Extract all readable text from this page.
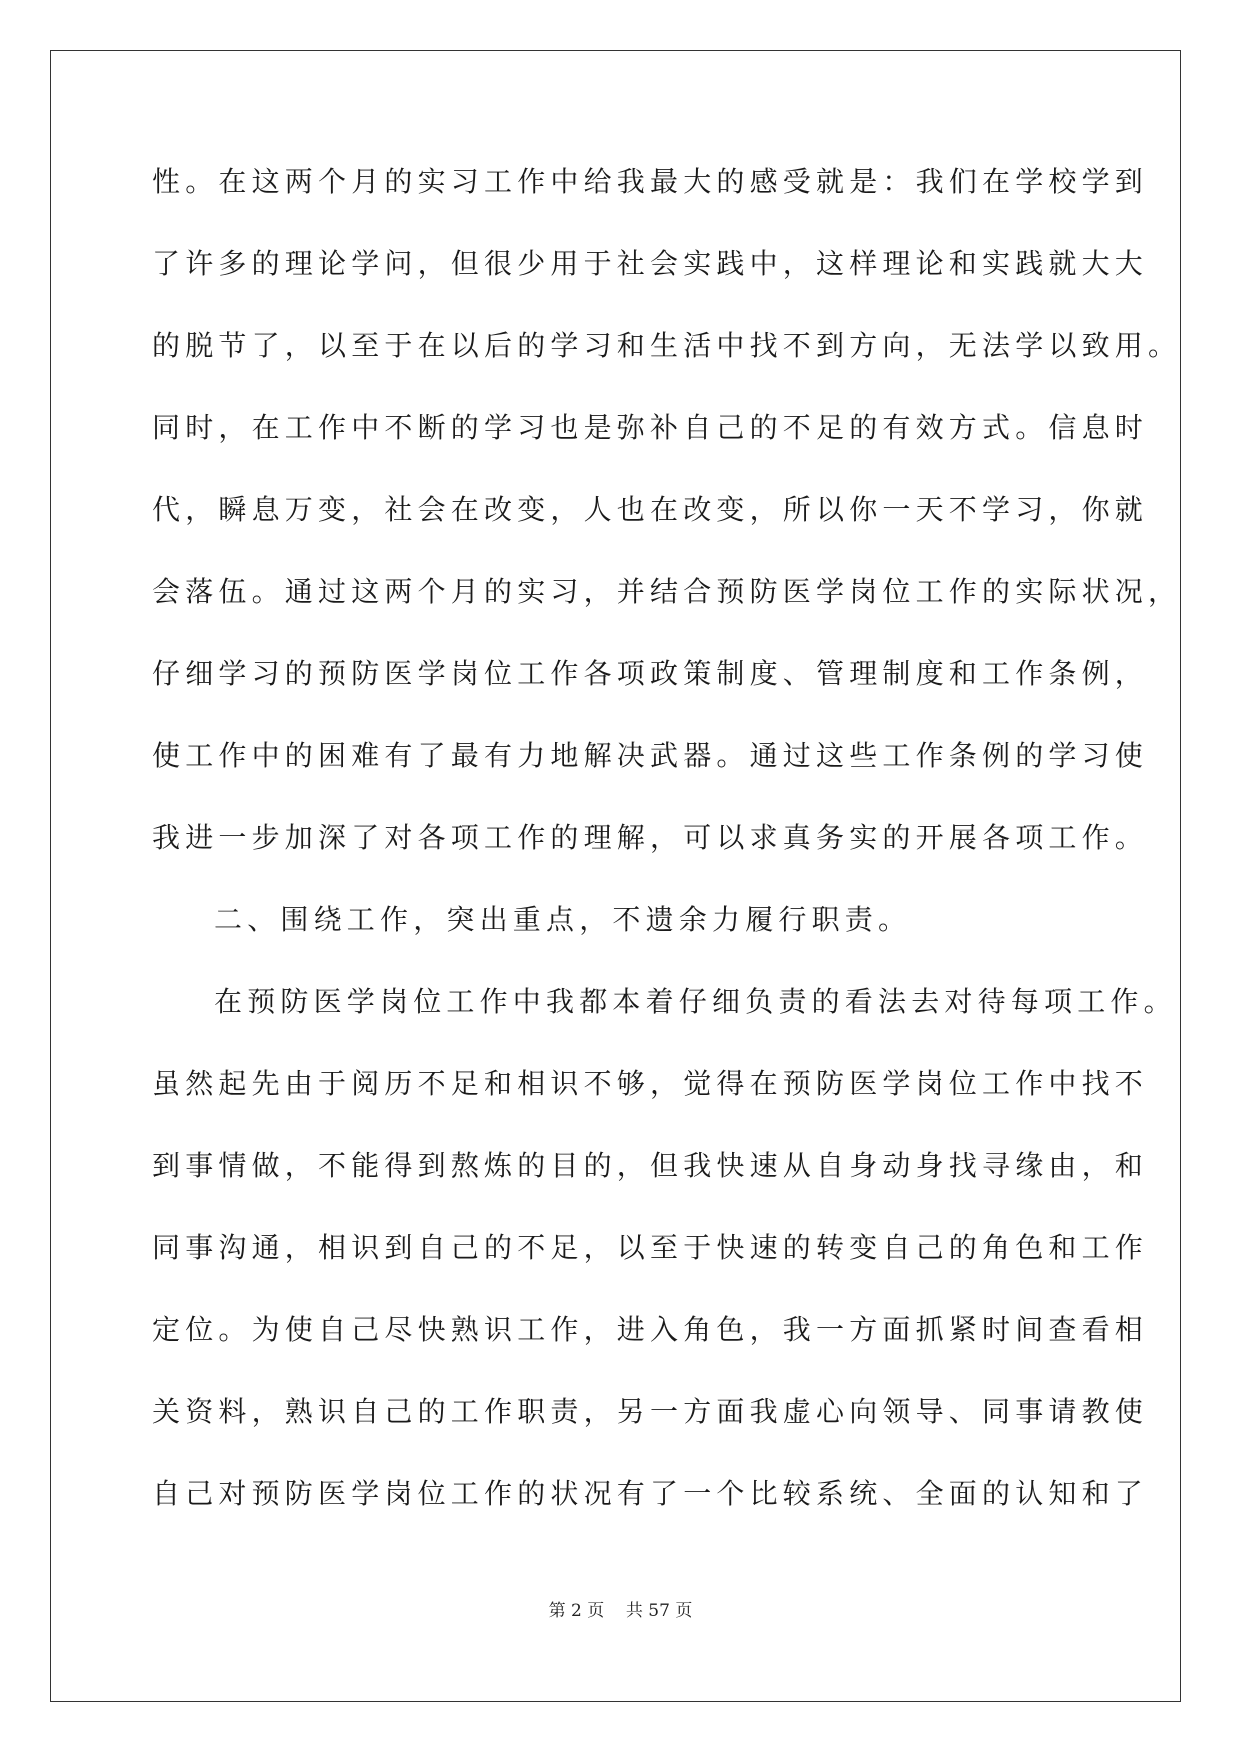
性。在这两个月的实习工作中给我最大的感受就是：我们在学校学到
了许多的理论学问，但很少用于社会实践中，这样理论和实践就大大
的脱节了，以至于在以后的学习和生活中找不到方向，无法学以致用。
同时，在工作中不断的学习也是弥补自己的不足的有效方式。信息时
代，瞬息万变，社会在改变，人也在改变，所以你一天不学习，你就
会落伍。通过这两个月的实习，并结合预防医学岗位工作的实际状况，
仔细学习的预防医学岗位工作各项政策制度、管理制度和工作条例，
使工作中的困难有了最有力地解决武器。通过这些工作条例的学习使
我进一步加深了对各项工作的理解，可以求真务实的开展各项工作。
二、围绕工作，突出重点，不遗余力履行职责。
在预防医学岗位工作中我都本着仔细负责的看法去对待每项工作。
虽然起先由于阅历不足和相识不够，觉得在预防医学岗位工作中找不
到事情做，不能得到熬炼的目的，但我快速从自身动身找寻缘由，和
同事沟通，相识到自己的不足，以至于快速的转变自己的角色和工作
定位。为使自己尽快熟识工作，进入角色，我一方面抓紧时间查看相
关资料，熟识自己的工作职责，另一方面我虚心向领导、同事请教使
自己对预防医学岗位工作的状况有了一个比较系统、全面的认知和了
第 2 页    共 57 页
